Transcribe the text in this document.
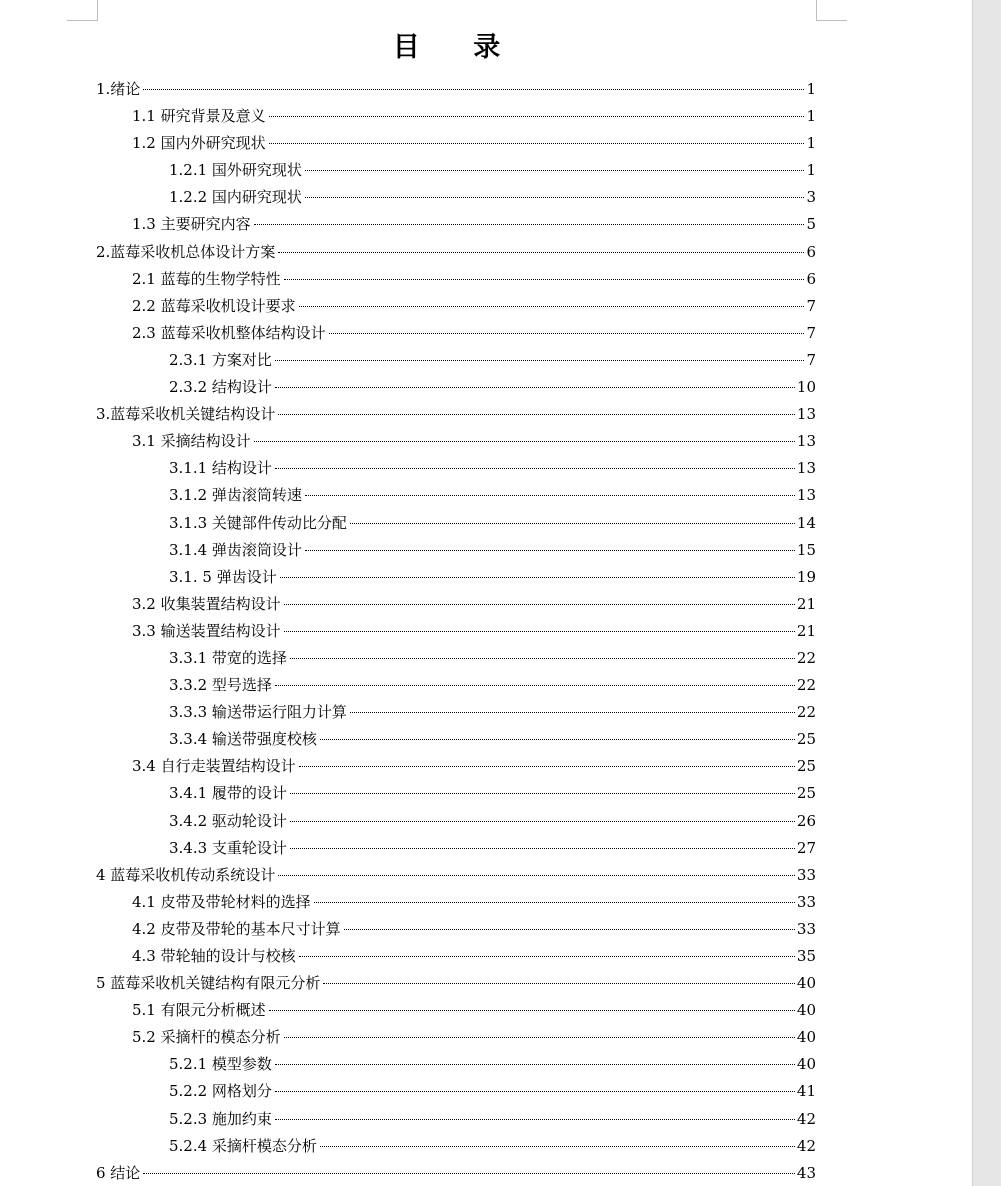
目 录
1.绪论	1
1.1 研究背景及意义	1
1.2 国内外研究现状	1
1.2.1 国外研究现状	1
1.2.2 国内研究现状	3
1.3 主要研究内容	5
2.蓝莓采收机总体设计方案	6
2.1 蓝莓的生物学特性	6
2.2 蓝莓采收机设计要求	7
2.3 蓝莓采收机整体结构设计	7
2.3.1 方案对比	7
2.3.2 结构设计	10
3.蓝莓采收机关键结构设计	13
3.1 采摘结构设计	13
3.1.1 结构设计	13
3.1.2 弹齿滚筒转速	13
3.1.3 关键部件传动比分配	14
3.1.4 弹齿滚筒设计	15
3.1. 5 弹齿设计	19
3.2 收集装置结构设计	21
3.3 输送装置结构设计	21
3.3.1 带宽的选择	22
3.3.2 型号选择	22
3.3.3 输送带运行阻力计算	22
3.3.4 输送带强度校核	25
3.4 自行走装置结构设计	25
3.4.1 履带的设计	25
3.4.2 驱动轮设计	26
3.4.3 支重轮设计	27
4 蓝莓采收机传动系统设计	33
4.1 皮带及带轮材料的选择	33
4.2 皮带及带轮的基本尺寸计算	33
4.3 带轮轴的设计与校核	35
5 蓝莓采收机关键结构有限元分析	40
5.1 有限元分析概述	40
5.2 采摘杆的模态分析	40
5.2.1 模型参数	40
5.2.2 网格划分	41
5.2.3 施加约束	42
5.2.4 采摘杆模态分析	42
6 结论	43
